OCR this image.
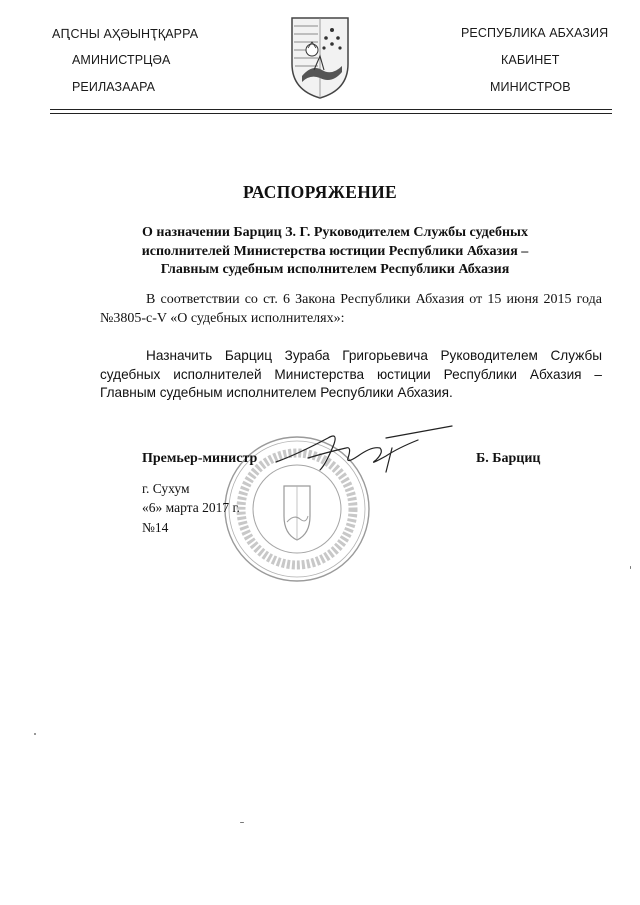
АԤСНЫ АҲӘЫНҬҚАРРА
АМИНИСТРЦӘА
РЕИЛАЗААРА
РЕСПУБЛИКА АБХАЗИЯ
КАБИНЕТ
МИНИСТРОВ
РАСПОРЯЖЕНИЕ
О назначении Барциц З. Г. Руководителем Службы судебных исполнителей Министерства юстиции Республики Абхазия – Главным судебным исполнителем Республики Абхазия
В соответствии со ст. 6 Закона Республики Абхазия от 15 июня 2015 года №3805-с-V «О судебных исполнителях»:
Назначить Барциц Зураба Григорьевича Руководителем Службы судебных исполнителей Министерства юстиции Республики Абхазия – Главным судебным исполнителем Республики Абхазия.
Премьер-министр	Б. Барциц
г. Сухум
«6» марта 2017 г.
№14
